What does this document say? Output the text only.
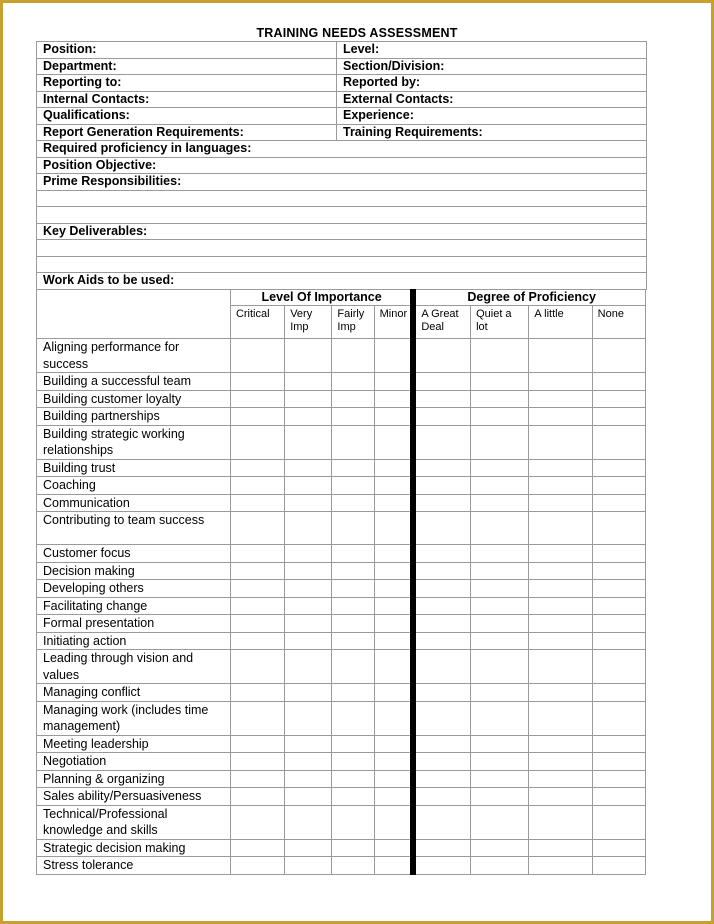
TRAINING NEEDS ASSESSMENT
Position:	Level:
Department:	Section/Division:
Reporting to:	Reported by:
Internal Contacts:	External Contacts:
Qualifications:	Experience:
Report Generation Requirements:	Training Requirements:
Required proficiency in languages:	
Position Objective:	
Prime Responsibilities:	

Key Deliverables:	

Work Aids to be used:	
	Level Of Importance				Degree of Proficiency			
	Critical	Very Imp	Fairly Imp	Minor	A Great Deal	Quiet a lot	A little	None
Aligning performance for success								
Building a successful team								
Building customer loyalty								
Building partnerships								
Building strategic working relationships								
Building trust								
Coaching								
Communication								
Contributing to team success								
Customer focus								
Decision making								
Developing others								
Facilitating change								
Formal presentation								
Initiating action								
Leading through vision and values								
Managing conflict								
Managing work (includes time management)								
Meeting leadership								
Negotiation								
Planning & organizing								
Sales ability/Persuasiveness								
Technical/Professional knowledge and skills								
Strategic decision making								
Stress tolerance								
